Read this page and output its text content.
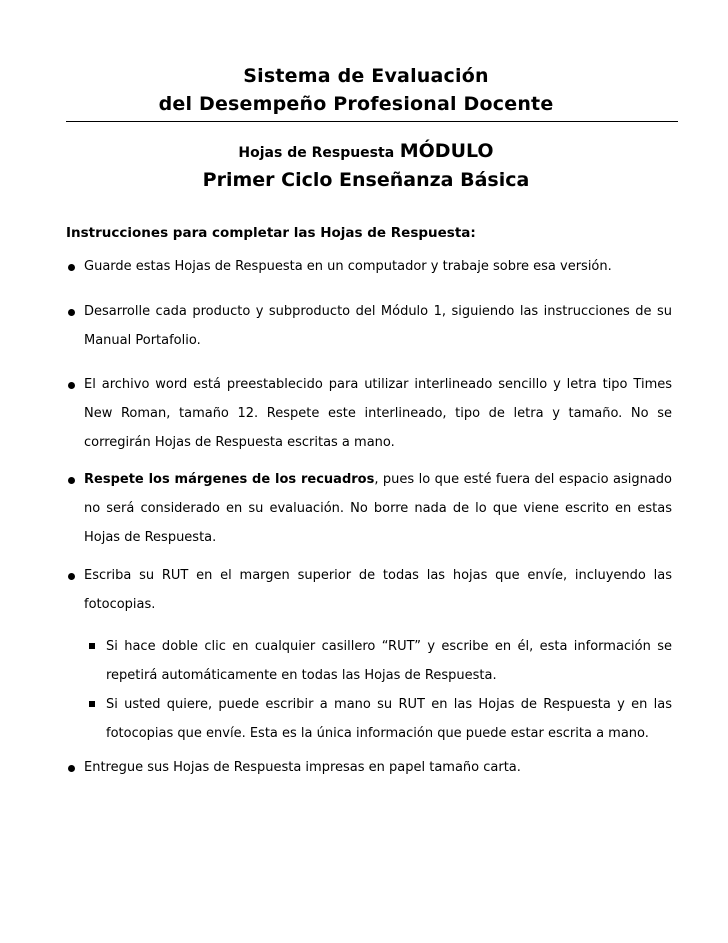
Sistema de Evaluación
del Desempeño Profesional Docente
Hojas de Respuesta MÓDULO
Primer Ciclo Enseñanza Básica
Instrucciones para completar las Hojas de Respuesta:
Guarde estas Hojas de Respuesta en un computador y trabaje sobre esa versión.
Desarrolle cada producto y subproducto del Módulo 1, siguiendo las instrucciones de su Manual Portafolio.
El archivo word está preestablecido para utilizar interlineado sencillo y letra tipo Times New Roman, tamaño 12. Respete este interlineado, tipo de letra y tamaño. No se corregirán Hojas de Respuesta escritas a mano.
Respete los márgenes de los recuadros, pues lo que esté fuera del espacio asignado no será considerado en su evaluación. No borre nada de lo que viene escrito en estas Hojas de Respuesta.
Escriba su RUT en el margen superior de todas las hojas que envíe, incluyendo las fotocopias.
Si hace doble clic en cualquier casillero “RUT” y escribe en él, esta información se repetirá automáticamente en todas las Hojas de Respuesta.
Si usted quiere, puede escribir a mano su RUT en las Hojas de Respuesta y en las fotocopias que envíe. Esta es la única información que puede estar escrita a mano.
Entregue sus Hojas de Respuesta impresas en papel tamaño carta.
